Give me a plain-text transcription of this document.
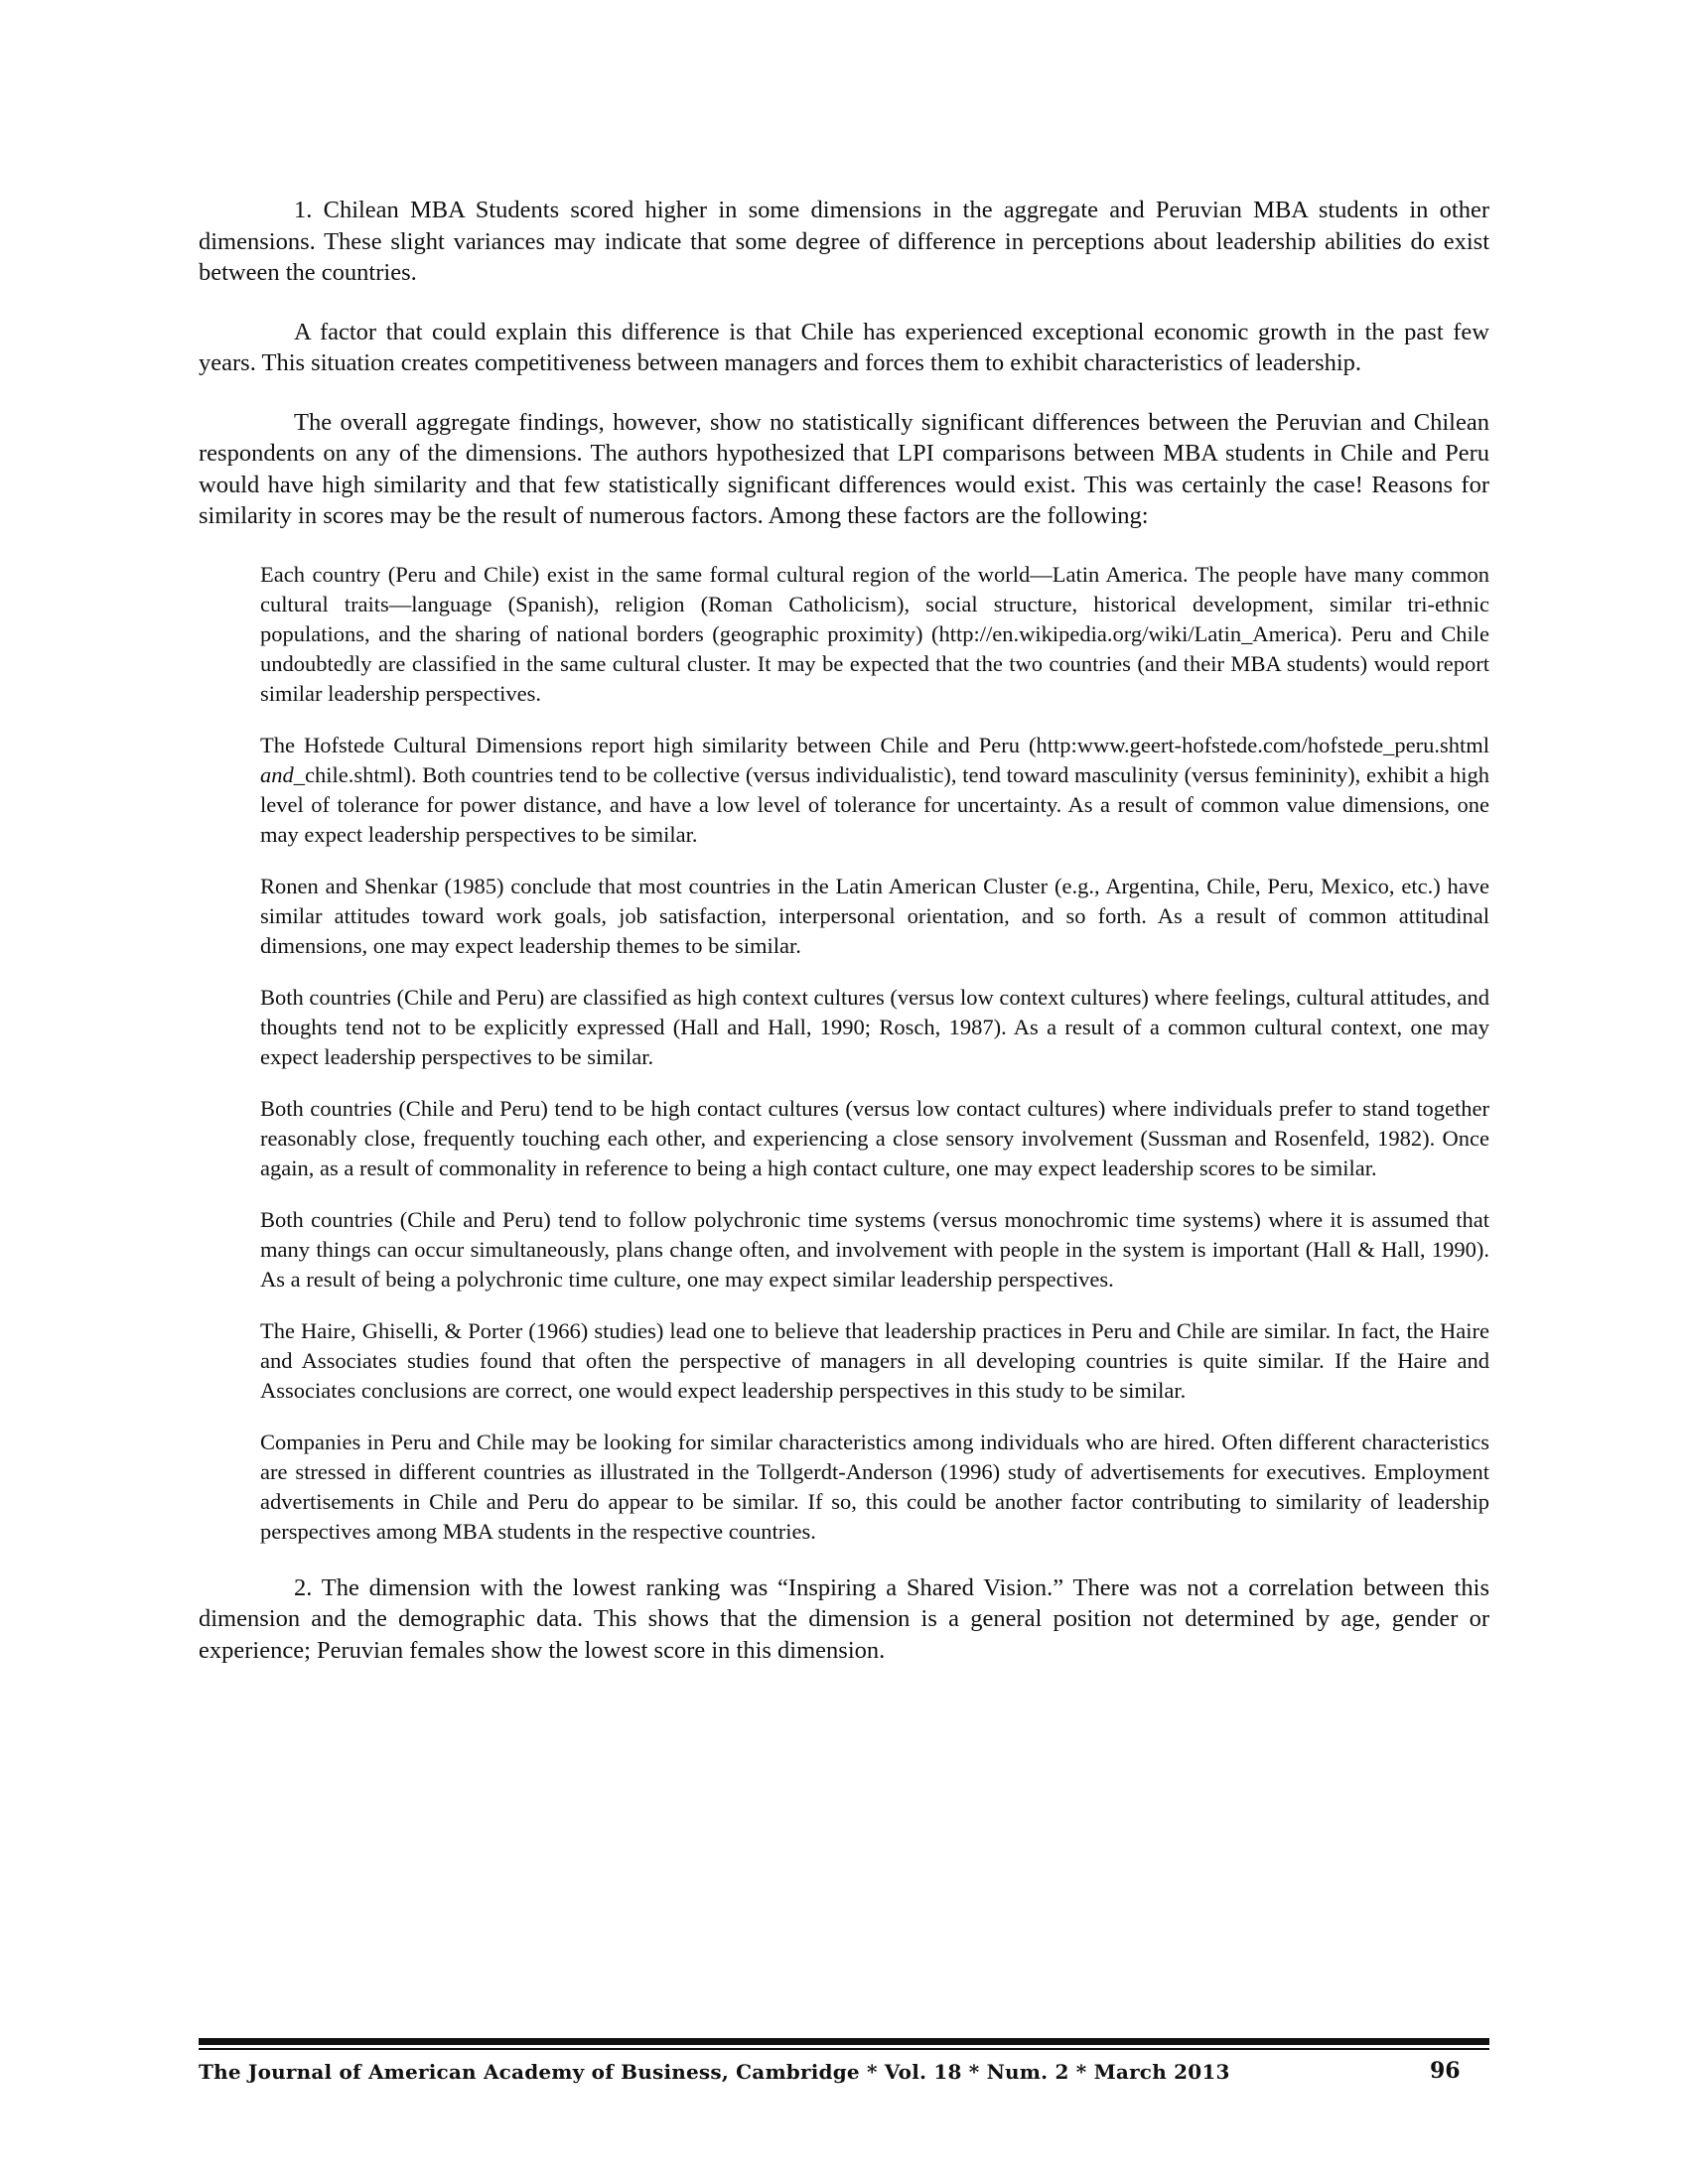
1. Chilean MBA Students scored higher in some dimensions in the aggregate and Peruvian MBA students in other dimensions. These slight variances may indicate that some degree of difference in perceptions about leadership abilities do exist between the countries.

A factor that could explain this difference is that Chile has experienced exceptional economic growth in the past few years. This situation creates competitiveness between managers and forces them to exhibit characteristics of leadership.

The overall aggregate findings, however, show no statistically significant differences between the Peruvian and Chilean respondents on any of the dimensions. The authors hypothesized that LPI comparisons between MBA students in Chile and Peru would have high similarity and that few statistically significant differences would exist. This was certainly the case! Reasons for similarity in scores may be the result of numerous factors. Among these factors are the following:

Each country (Peru and Chile) exist in the same formal cultural region of the world—Latin America. The people have many common cultural traits—language (Spanish), religion (Roman Catholicism), social structure, historical development, similar tri-ethnic populations, and the sharing of national borders (geographic proximity) (http://en.wikipedia.org/wiki/Latin_America). Peru and Chile undoubtedly are classified in the same cultural cluster. It may be expected that the two countries (and their MBA students) would report similar leadership perspectives.

The Hofstede Cultural Dimensions report high similarity between Chile and Peru (http:www.geert-hofstede.com/hofstede_peru.shtml and_chile.shtml). Both countries tend to be collective (versus individualistic), tend toward masculinity (versus femininity), exhibit a high level of tolerance for power distance, and have a low level of tolerance for uncertainty. As a result of common value dimensions, one may expect leadership perspectives to be similar.

Ronen and Shenkar (1985) conclude that most countries in the Latin American Cluster (e.g., Argentina, Chile, Peru, Mexico, etc.) have similar attitudes toward work goals, job satisfaction, interpersonal orientation, and so forth. As a result of common attitudinal dimensions, one may expect leadership themes to be similar.

Both countries (Chile and Peru) are classified as high context cultures (versus low context cultures) where feelings, cultural attitudes, and thoughts tend not to be explicitly expressed (Hall and Hall, 1990; Rosch, 1987). As a result of a common cultural context, one may expect leadership perspectives to be similar.

Both countries (Chile and Peru) tend to be high contact cultures (versus low contact cultures) where individuals prefer to stand together reasonably close, frequently touching each other, and experiencing a close sensory involvement (Sussman and Rosenfeld, 1982). Once again, as a result of commonality in reference to being a high contact culture, one may expect leadership scores to be similar.

Both countries (Chile and Peru) tend to follow polychronic time systems (versus monochromic time systems) where it is assumed that many things can occur simultaneously, plans change often, and involvement with people in the system is important (Hall & Hall, 1990). As a result of being a polychronic time culture, one may expect similar leadership perspectives.

The Haire, Ghiselli, & Porter (1966) studies) lead one to believe that leadership practices in Peru and Chile are similar. In fact, the Haire and Associates studies found that often the perspective of managers in all developing countries is quite similar. If the Haire and Associates conclusions are correct, one would expect leadership perspectives in this study to be similar.

Companies in Peru and Chile may be looking for similar characteristics among individuals who are hired. Often different characteristics are stressed in different countries as illustrated in the Tollgerdt-Anderson (1996) study of advertisements for executives. Employment advertisements in Chile and Peru do appear to be similar. If so, this could be another factor contributing to similarity of leadership perspectives among MBA students in the respective countries.

2. The dimension with the lowest ranking was “Inspiring a Shared Vision.” There was not a correlation between this dimension and the demographic data. This shows that the dimension is a general position not determined by age, gender or experience; Peruvian females show the lowest score in this dimension.

The Journal of American Academy of Business, Cambridge * Vol. 18 * Num. 2 * March 2013	96
